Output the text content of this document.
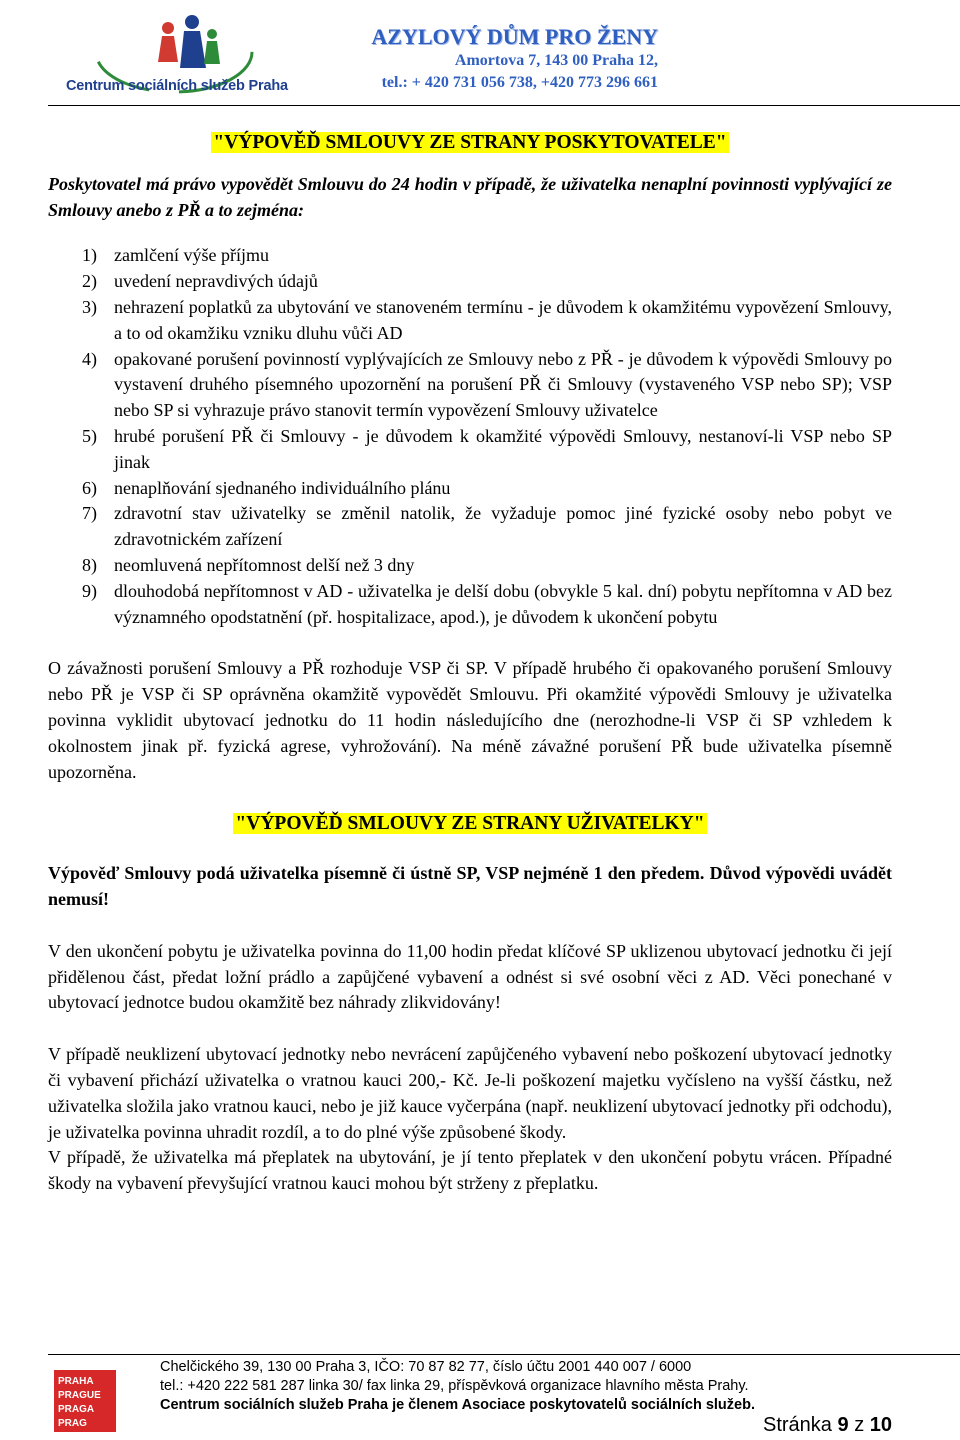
Centrum sociálních služeb Praha
AZYLOVÝ DŮM PRO ŽENY
Amortova 7, 143 00 Praha 12,
tel.: + 420 731 056 738, +420 773 296 661
"VÝPOVĚĎ SMLOUVY ZE STRANY POSKYTOVATELE"

Poskytovatel má právo vypovědět Smlouvu do 24 hodin v případě, že uživatelka nenaplní povinnosti vyplývající ze Smlouvy anebo z PŘ a to zejména:

1) zamlčení výše příjmu
2) uvedení nepravdivých údajů
3) nehrazení poplatků za ubytování ve stanoveném termínu - je důvodem k okamžitému vypovězení Smlouvy, a to od okamžiku vzniku dluhu vůči AD
4) opakované porušení povinností vyplývajících ze Smlouvy nebo z PŘ - je důvodem k výpovědi Smlouvy po vystavení druhého písemného upozornění na porušení PŘ či Smlouvy (vystaveného VSP nebo SP); VSP nebo SP si vyhrazuje právo stanovit termín vypovězení Smlouvy uživatelce
5) hrubé porušení PŘ či Smlouvy - je důvodem k okamžité výpovědi Smlouvy, nestanoví-li VSP nebo SP jinak
6) nenaplňování sjednaného individuálního plánu
7) zdravotní stav uživatelky se změnil natolik, že vyžaduje pomoc jiné fyzické osoby nebo pobyt ve zdravotnickém zařízení
8) neomluvená nepřítomnost delší než 3 dny
9) dlouhodobá nepřítomnost v AD - uživatelka je delší dobu (obvykle 5 kal. dní) pobytu nepřítomna v AD bez významného opodstatnění (př. hospitalizace, apod.), je důvodem k ukončení pobytu

O závažnosti porušení Smlouvy a PŘ rozhoduje VSP či SP. V případě hrubého či opakovaného porušení Smlouvy nebo PŘ je VSP či SP oprávněna okamžitě vypovědět Smlouvu. Při okamžité výpovědi Smlouvy je uživatelka povinna vyklidit ubytovací jednotku do 11 hodin následujícího dne (nerozhodne-li VSP či SP vzhledem k okolnostem jinak př. fyzická agrese, vyhrožování). Na méně závažné porušení PŘ bude uživatelka písemně upozorněna.

"VÝPOVĚĎ SMLOUVY ZE STRANY UŽIVATELKY"

Výpověď Smlouvy podá uživatelka písemně či ústně SP, VSP nejméně 1 den předem. Důvod výpovědi uvádět nemusí!

V den ukončení pobytu je uživatelka povinna do 11,00 hodin předat klíčové SP uklizenou ubytovací jednotku či její přidělenou část, předat ložní prádlo a zapůjčené vybavení a odnést si své osobní věci z AD. Věci ponechané v ubytovací jednotce budou okamžitě bez náhrady zlikvidovány!

V případě neuklizení ubytovací jednotky nebo nevrácení zapůjčeného vybavení nebo poškození ubytovací jednotky či vybavení přichází uživatelka o vratnou kauci 200,- Kč. Je-li poškození majetku vyčísleno na vyšší částku, než uživatelka složila jako vratnou kauci, nebo je již kauce vyčerpána (např. neuklizení ubytovací jednotky při odchodu), je uživatelka povinna uhradit rozdíl, a to do plné výše způsobené škody.

V případě, že uživatelka má přeplatek na ubytování, je jí tento přeplatek v den ukončení pobytu vrácen. Případné škody na vybavení převyšující vratnou kauci mohou být strženy z přeplatku.

PRAHA
PRAGUE
PRAGA
PRAG
Chelčického 39, 130 00 Praha 3, IČO: 70 87 82 77, číslo účtu 2001 440 007 / 6000
tel.: +420 222 581 287 linka 30/ fax linka 29, příspěvková organizace hlavního města Prahy.
Centrum sociálních služeb Praha je členem Asociace poskytovatelů sociálních služeb.
Stránka 9 z 10
